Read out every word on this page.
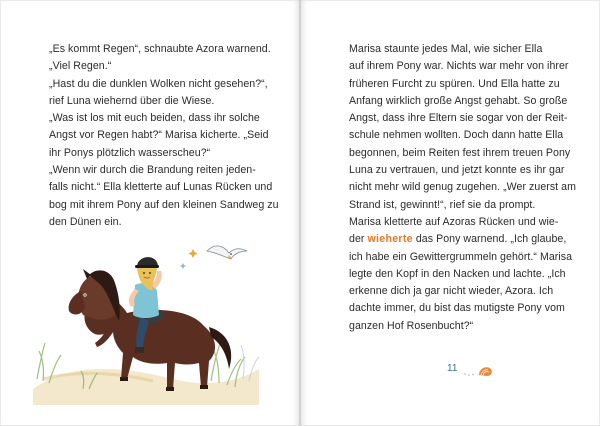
„Es kommt Regen“, schnaubte Azora warnend.
„Viel Regen.“

„Hast du die dunklen Wolken nicht gesehen?“,
rief Luna wiehernd über die Wiese.

„Was ist los mit euch beiden, dass ihr solche
Angst vor Regen habt?“ Marisa kicherte. „Seid
ihr Ponys plötzlich wasserscheu?“

„Wenn wir durch die Brandung reiten jeden-
falls nicht.“ Ella kletterte auf Lunas Rücken und
bog mit ihrem Pony auf den kleinen Sandweg zu
den Dünen ein.

Marisa staunte jedes Mal, wie sicher Ella
auf ihrem Pony war. Nichts war mehr von ihrer
früheren Furcht zu spüren. Und Ella hatte zu
Anfang wirklich große Angst gehabt. So große
Angst, dass ihre Eltern sie sogar von der Reit-
schule nehmen wollten. Doch dann hatte Ella
begonnen, beim Reiten fest ihrem treuen Pony
Luna zu vertrauen, und jetzt konnte es ihr gar
nicht mehr wild genug zugehen. „Wer zuerst am
Strand ist, gewinnt!“, rief sie da prompt.

Marisa kletterte auf Azoras Rücken und wie-
der wieherte das Pony warnend. „Ich glaube,
ich habe ein Gewittergrummeln gehört.“ Marisa
legte den Kopf in den Nacken und lachte. „Ich
erkenne dich ja gar nicht wieder, Azora. Ich
dachte immer, du bist das mutigste Pony vom
ganzen Hof Rosenbucht?“

11
